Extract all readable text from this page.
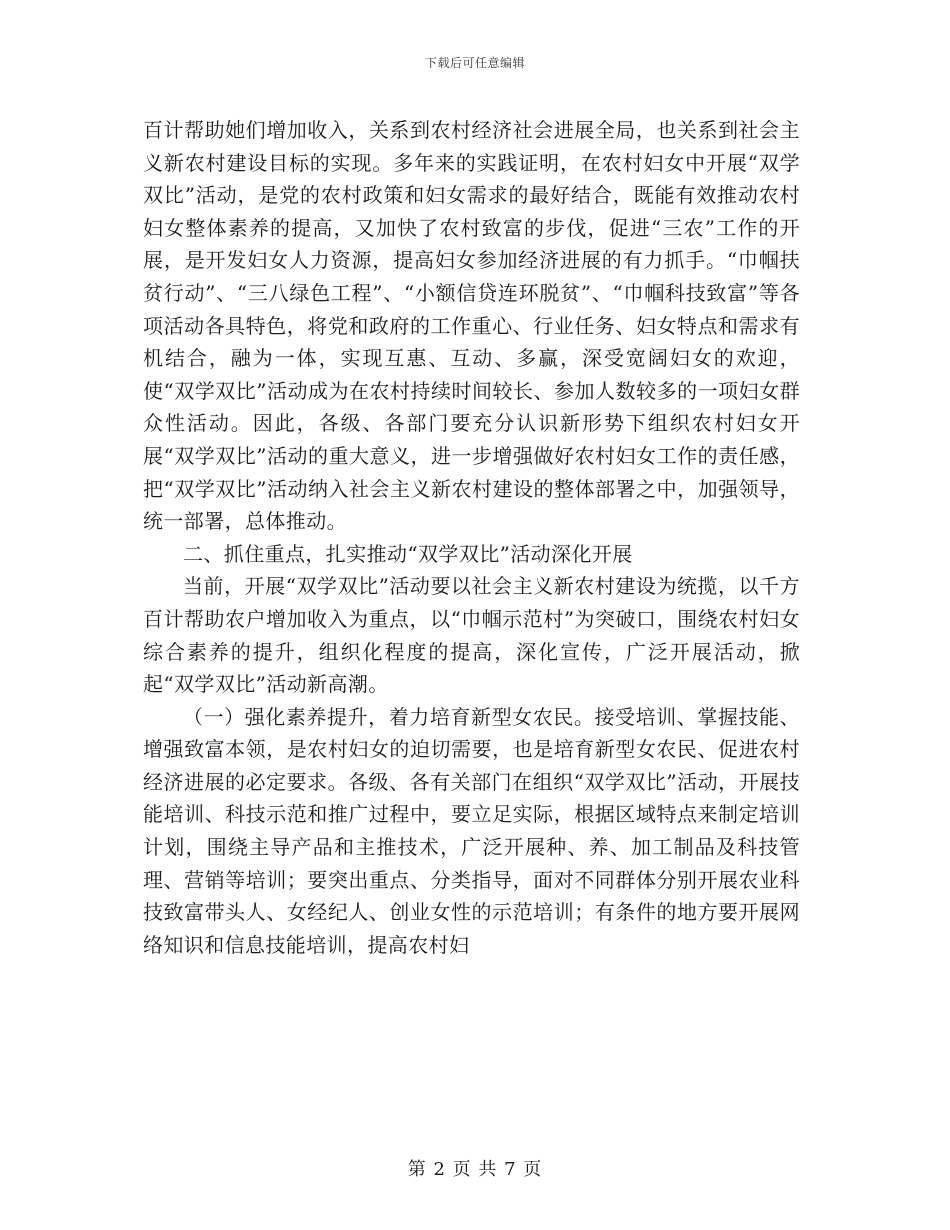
下载后可任意编辑

百计帮助她们增加收入，关系到农村经济社会进展全局，也关系到社会主义新农村建设目标的实现。多年来的实践证明，在农村妇女中开展“双学双比”活动，是党的农村政策和妇女需求的最好结合，既能有效推动农村妇女整体素养的提高，又加快了农村致富的步伐，促进“三农”工作的开展，是开发妇女人力资源，提高妇女参加经济进展的有力抓手。“巾帼扶贫行动”、“三八绿色工程”、“小额信贷连环脱贫”、“巾帼科技致富”等各项活动各具特色，将党和政府的工作重心、行业任务、妇女特点和需求有机结合，融为一体，实现互惠、互动、多赢，深受宽阔妇女的欢迎，使“双学双比”活动成为在农村持续时间较长、参加人数较多的一项妇女群众性活动。因此，各级、各部门要充分认识新形势下组织农村妇女开展“双学双比”活动的重大意义，进一步增强做好农村妇女工作的责任感，把“双学双比”活动纳入社会主义新农村建设的整体部署之中，加强领导，统一部署，总体推动。

二、抓住重点，扎实推动“双学双比”活动深化开展

当前，开展“双学双比”活动要以社会主义新农村建设为统揽，以千方百计帮助农户增加收入为重点，以“巾帼示范村”为突破口，围绕农村妇女综合素养的提升，组织化程度的提高，深化宣传，广泛开展活动，掀起“双学双比”活动新高潮。

（一）强化素养提升，着力培育新型女农民。接受培训、掌握技能、增强致富本领，是农村妇女的迫切需要，也是培育新型女农民、促进农村经济进展的必定要求。各级、各有关部门在组织“双学双比”活动，开展技能培训、科技示范和推广过程中，要立足实际，根据区域特点来制定培训计划，围绕主导产品和主推技术，广泛开展种、养、加工制品及科技管理、营销等培训；要突出重点、分类指导，面对不同群体分别开展农业科技致富带头人、女经纪人、创业女性的示范培训；有条件的地方要开展网络知识和信息技能培训，提高农村妇

第 2 页 共 7 页
